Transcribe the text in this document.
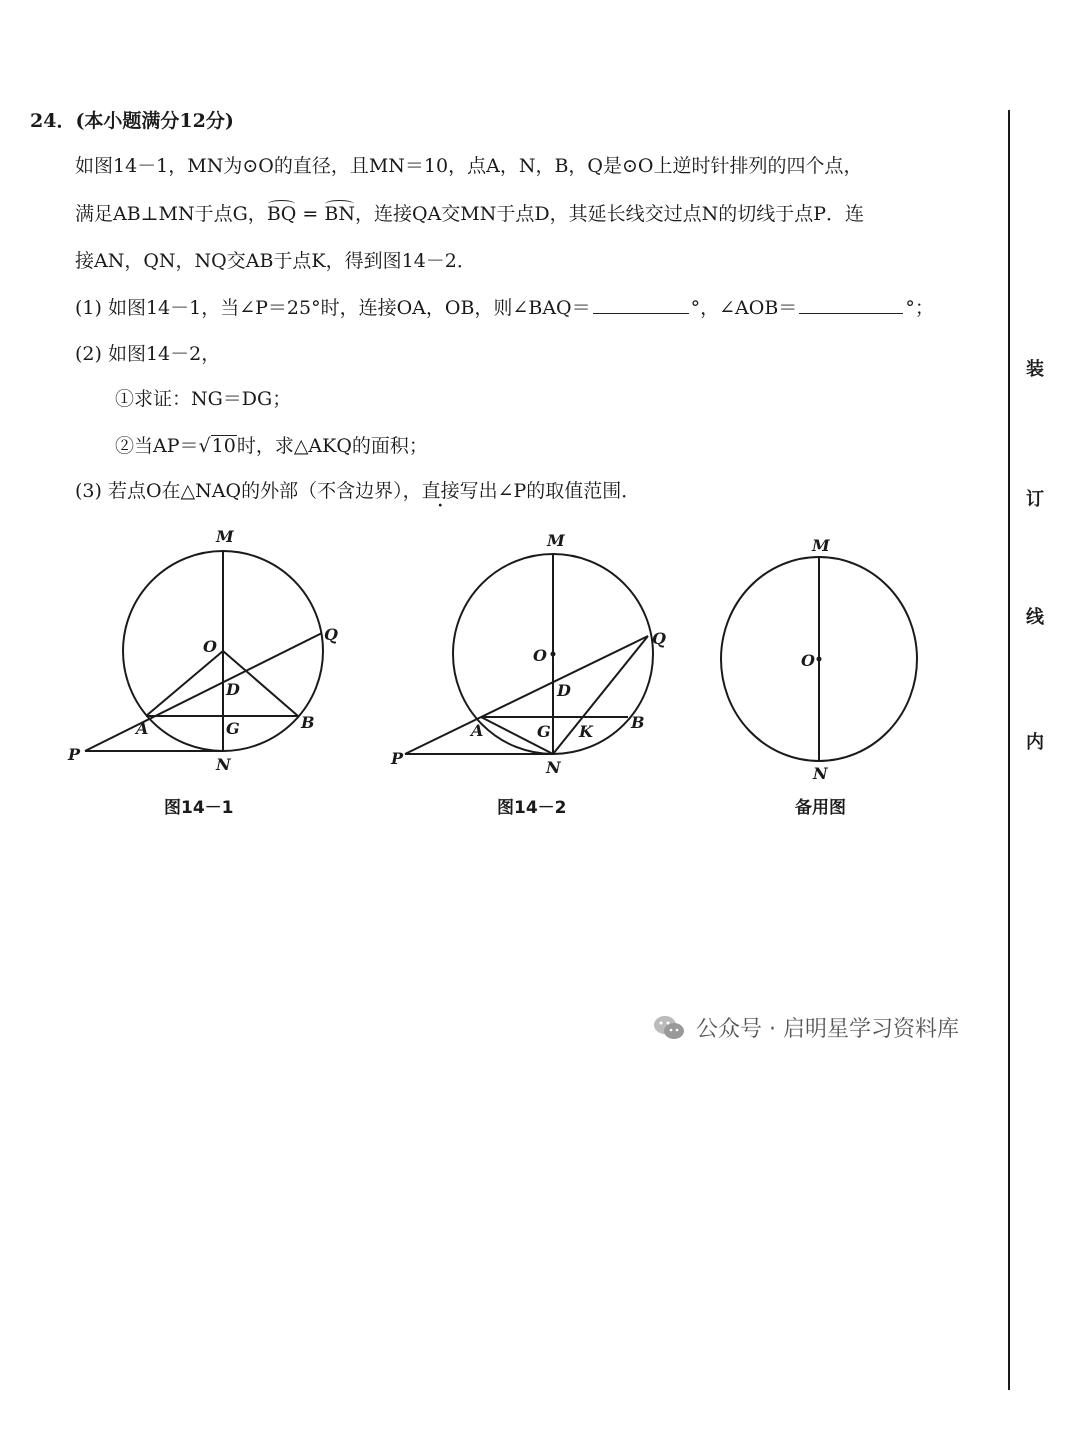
24．(本小题满分12分)
如图14－1，MN为⊙O的直径，且MN＝10，点A，N，B，Q是⊙O上逆时针排列的四个点，
满足AB⊥MN于点G，BQ = BN，连接QA交MN于点D，其延长线交过点N的切线于点P．连
接AN，QN，NQ交AB于点K，得到图14－2．
(1) 如图14－1，当∠P＝25°时，连接OA，OB，则∠BAQ＝	°，∠AOB＝	°；
(2) 如图14－2，
①求证：NG＝DG；
②当AP＝√10时，求△AKQ的面积；
(3) 若点O在△NAQ的外部（不含边界），直接写出∠P的取值范围．
装
订
线
内
M
O
Q
D
A	G	B
P
N
图14－1
M
O
Q
D
A	G K B
P	N
图14－2
M
O
N
备用图
公众号 · 启明星学习资料库
